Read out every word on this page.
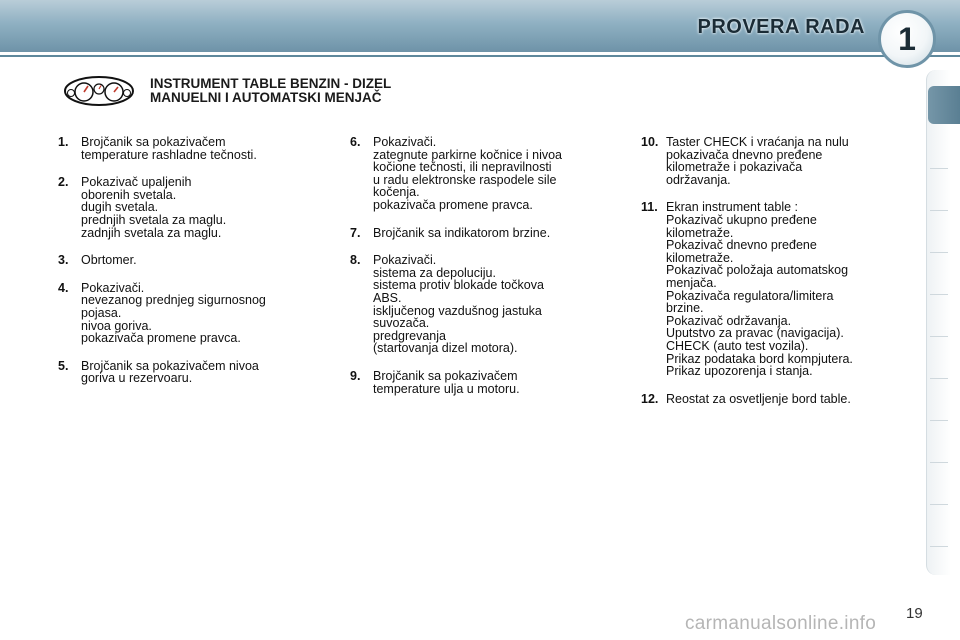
PROVERA RADA 1
INSTRUMENT TABLE BENZIN - DIZEL
MANUELNI I AUTOMATSKI MENJAČ
1. Brojčanik sa pokazivačem
temperature rashladne tečnosti.
2. Pokazivač upaljenih
oborenih svetala.
dugih svetala.
prednjih svetala za maglu.
zadnjih svetala za maglu.
3. Obrtomer.
4. Pokazivači.
nevezanog prednjeg sigurnosnog
pojasa.
nivoa goriva.
pokazivača promene pravca.
5. Brojčanik sa pokazivačem nivoa
goriva u rezervoaru.
6. Pokazivači.
zategnute parkirne kočnice i nivoa
kočione tečnosti, ili nepravilnosti
u radu elektronske raspodele sile
kočenja.
pokazivača promene pravca.
7. Brojčanik sa indikatorom brzine.
8. Pokazivači.
sistema za depoluciju.
sistema protiv blokade točkova
ABS.
isključenog vazdušnog jastuka
suvozača.
predgrevanja
(startovanja dizel motora).
9. Brojčanik sa pokazivačem
temperature ulja u motoru.
10. Taster CHECK i vraćanja na nulu
pokazivača dnevno pređene
kilometraže i pokazivača
održavanja.
11. Ekran instrument table :
Pokazivač ukupno pređene
kilometraže.
Pokazivač dnevno pređene
kilometraže.
Pokazivač položaja automatskog
menjača.
Pokazivača regulatora/limitera
brzine.
Pokazivač održavanja.
Uputstvo za pravac (navigacija).
CHECK (auto test vozila).
Prikaz podataka bord kompjutera.
Prikaz upozorenja i stanja.
12. Reostat za osvetljenje bord table.
19
carmanualsonline.info
